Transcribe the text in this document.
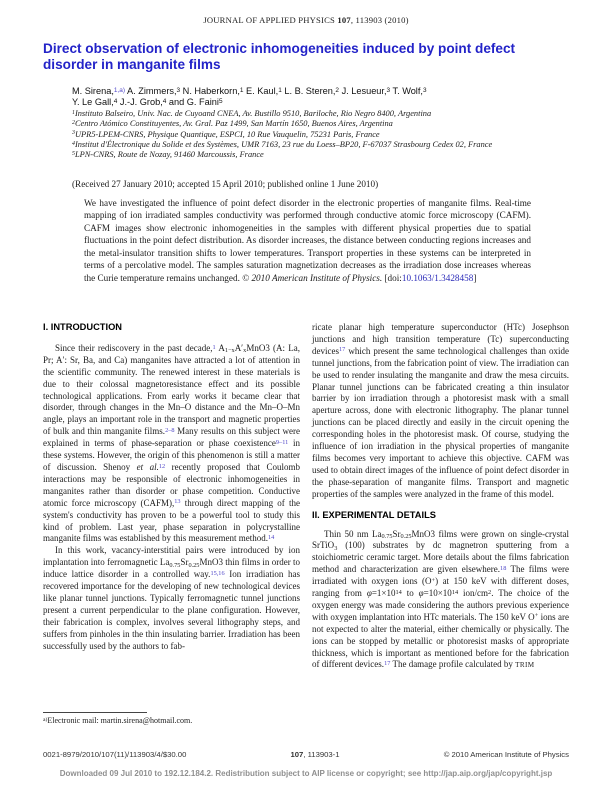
JOURNAL OF APPLIED PHYSICS 107, 113903 (2010)
Direct observation of electronic inhomogeneities induced by point defect disorder in manganite films
M. Sirena,$^{1,a)}$ A. Zimmers,$^3$ N. Haberkorn,$^1$ E. Kaul,$^1$ L. B. Steren,$^2$ J. Lesueur,$^3$ T. Wolf,$^3$
Y. Le Gall,$^4$ J.-J. Grob,$^4$ and G. Faini$^5$
$^1$Instituto Balseiro, Univ. Nac. de Cuyoand CNEA, Av. Bustillo 9510, Bariloche, Rio Negro 8400, Argentina
$^2$Centro Atómico Constituyentes, Av. Gral. Paz 1499, San Martín 1650, Buenos Aires, Argentina
$^3$UPR5-LPEM-CNRS, Physique Quantique, ESPCI, 10 Rue Vauquelin, 75231 Paris, France
$^4$Institut d'Électronique du Solide et des Systèmes, UMR 7163, 23 rue du Loess–BP20, F-67037 Strasbourg Cedex 02, France
$^5$LPN-CNRS, Route de Nozay, 91460 Marcoussis, France
(Received 27 January 2010; accepted 15 April 2010; published online 1 June 2010)
We have investigated the influence of point defect disorder in the electronic properties of manganite films. Real-time mapping of ion irradiated samples conductivity was performed through conductive atomic force microscopy (CAFM). CAFM images show electronic inhomogeneities in the samples with different physical properties due to spatial fluctuations in the point defect distribution. As disorder increases, the distance between conducting regions increases and the metal-insulator transition shifts to lower temperatures. Transport properties in these systems can be interpreted in terms of a percolative model. The samples saturation magnetization decreases as the irradiation dose increases whereas the Curie temperature remains unchanged. © 2010 American Institute of Physics. [doi:10.1063/1.3428458]
I. INTRODUCTION

Since their rediscovery in the past decade,$^1$ $A_{1-x}A'_xMnO3$ (A: La, Pr; A′: Sr, Ba, and Ca) manganites have attracted a lot of attention in the scientific community. The renewed interest in these materials is due to their colossal magnetoresistance effect and its possible technological applications. From early works it became clear that disorder, through changes in the Mn–O distance and the Mn–O–Mn angle, plays an important role in the transport and magnetic properties of bulk and thin manganite films.$^{2-8}$ Many results on this subject were explained in terms of phase-separation or phase coexistence$^{9-11}$ in these systems. However, the origin of this phenomenon is still a matter of discussion. Shenoy et al.$^{12}$ recently proposed that Coulomb interactions may be responsible of electronic inhomogeneities in manganites rather than disorder or phase competition. Conductive atomic force microscopy (CAFM),$^{13}$ through direct mapping of the system's conductivity has proven to be a powerful tool to study this kind of problem. Last year, phase separation in polycrystalline manganite films was established by this measurement method.$^{14}$

In this work, vacancy-interstitial pairs were introduced by ion implantation into ferromagnetic $La_{0.75}Sr_{0.25}MnO3$ thin films in order to induce lattice disorder in a controlled way.$^{15,16}$ Ion irradiation has recovered importance for the developing of new technological devices like planar tunnel junctions. Typically ferromagnetic tunnel junctions present a current perpendicular to the plane configuration. However, their fabrication is complex, involves several lithography steps, and suffers from pinholes in the thin insulating barrier. Irradiation has been successfully used by the authors to fab-

ricate planar high temperature superconductor (HTc) Josephson junctions and high transition temperature (Tc) superconducting devices$^{17}$ which present the same technological challenges than oxide tunnel junctions, from the fabrication point of view. The irradiation can be used to render insulating the manganite and draw the mesa circuits. Planar tunnel junctions can be fabricated creating a thin insulator barrier by ion irradiation through a photoresist mask with a small aperture across, done with electronic lithography. The planar tunnel junctions can be placed directly and easily in the circuit opening the corresponding holes in the photoresist mask. Of course, studying the influence of ion irradiation in the physical properties of manganite films becomes very important to achieve this objective. CAFM was used to obtain direct images of the influence of point defect disorder in the phase-separation of manganite films. Transport and magnetic properties of the samples were analyzed in the frame of this model.

II. EXPERIMENTAL DETAILS

Thin 50 nm $La_{0.75}Sr_{0.25}MnO3$ films were grown on single-crystal SrTiO$_3$ (100) substrates by dc magnetron sputtering from a stoichiometric ceramic target. More details about the films fabrication method and characterization are given elsewhere.$^{18}$ The films were irradiated with oxygen ions (O+) at 150 keV with different doses, ranging from $\varphi=1\times 10^{14}$ to $\varphi=10\times 10^{14}$ ion/$cm^2$. The choice of the oxygen energy was made considering the authors previous experience with oxygen implantation into HTc materials. The 150 keV O+ ions are not expected to alter the material, either chemically or physically. The ions can be stopped by metallic or photoresist masks of appropriate thickness, which is important as mentioned before for the fabrication of different devices.$^{17}$ The damage profile calculated by TRIM

$^{a)}$Electronic mail: martin.sirena@hotmail.com.
0021-8979/2010/107(11)/113903/4/$30.00	107, 113903-1	© 2010 American Institute of Physics
Downloaded 09 Jul 2010 to 192.12.184.2. Redistribution subject to AIP license or copyright; see http://jap.aip.org/jap/copyright.jsp
